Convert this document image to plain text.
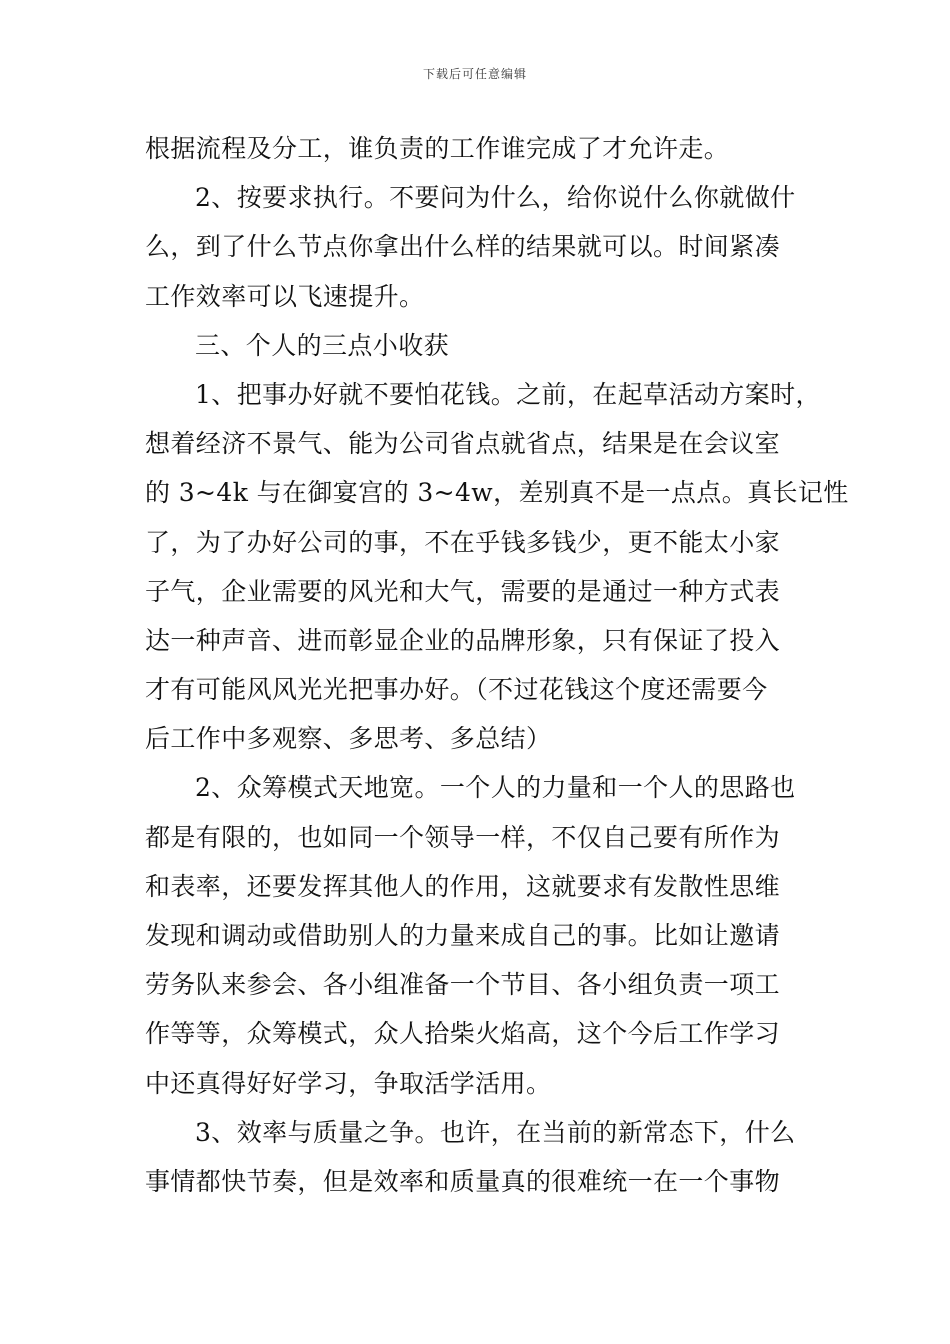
下载后可任意编辑
根据流程及分工，谁负责的工作谁完成了才允许走。
2、按要求执行。不要问为什么，给你说什么你就做什
么，到了什么节点你拿出什么样的结果就可以。时间紧凑
工作效率可以飞速提升。
三、个人的三点小收获
1、把事办好就不要怕花钱。之前，在起草活动方案时，
想着经济不景气、能为公司省点就省点，结果是在会议室
的 3~4k 与在御宴宫的 3~4w，差别真不是一点点。真长记性
了，为了办好公司的事，不在乎钱多钱少，更不能太小家
子气，企业需要的风光和大气，需要的是通过一种方式表
达一种声音、进而彰显企业的品牌形象，只有保证了投入
才有可能风风光光把事办好。（不过花钱这个度还需要今
后工作中多观察、多思考、多总结）
2、众筹模式天地宽。一个人的力量和一个人的思路也
都是有限的，也如同一个领导一样，不仅自己要有所作为
和表率，还要发挥其他人的作用，这就要求有发散性思维
发现和调动或借助别人的力量来成自己的事。比如让邀请
劳务队来参会、各小组准备一个节目、各小组负责一项工
作等等，众筹模式，众人拾柴火焰高，这个今后工作学习
中还真得好好学习，争取活学活用。
3、效率与质量之争。也许，在当前的新常态下，什么
事情都快节奏，但是效率和质量真的很难统一在一个事物
